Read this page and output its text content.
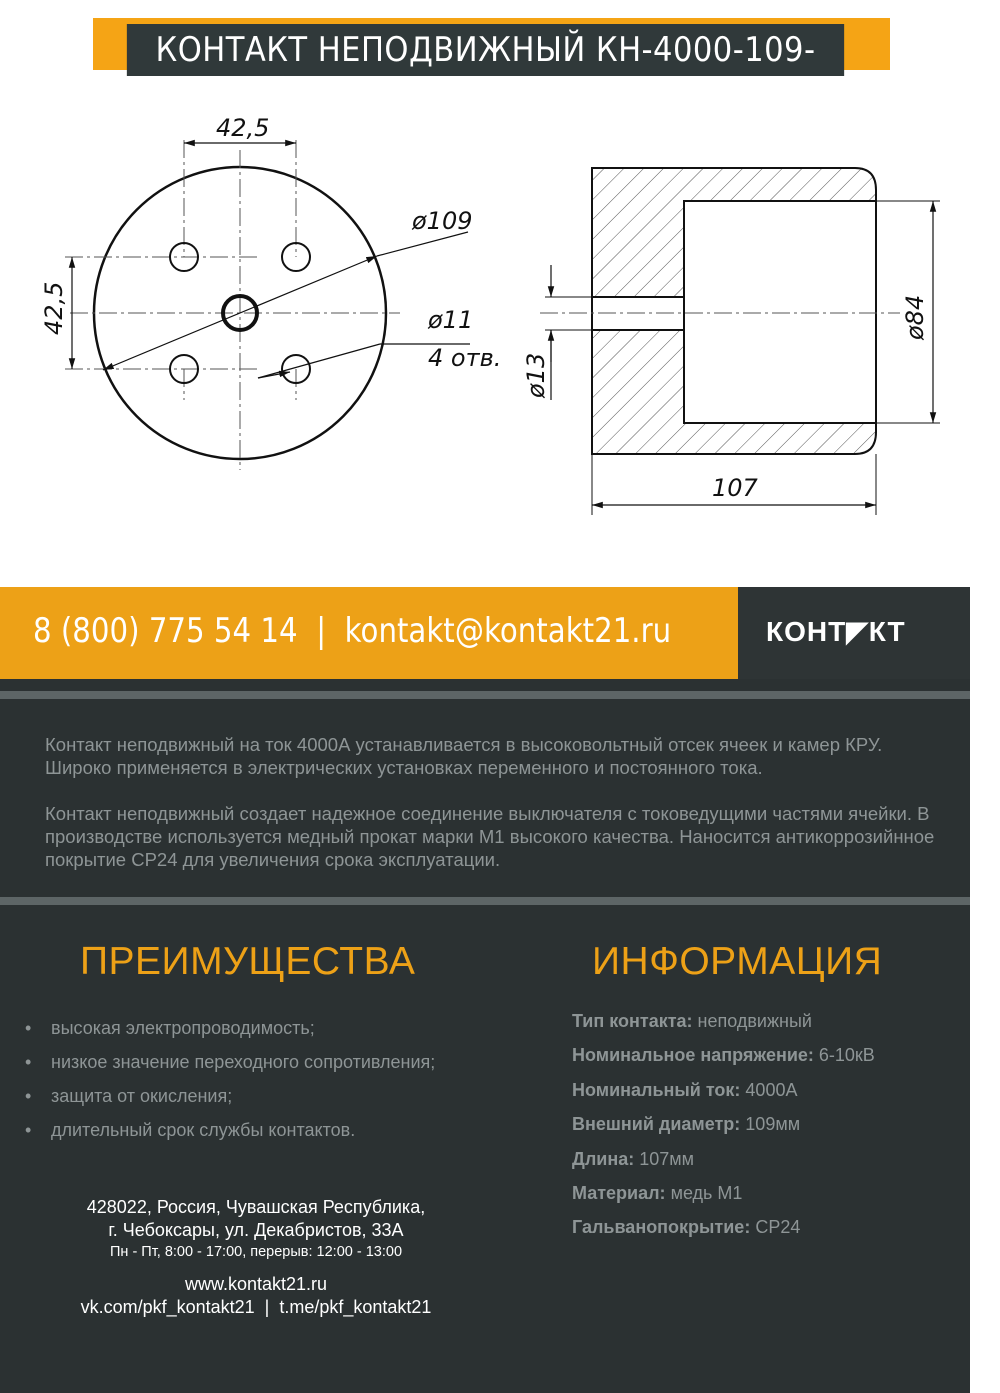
КОНТАКТ НЕПОДВИЖНЫЙ КН-4000-109-107
42,5
42,5
ø109
ø11
4 отв. ø13
ø84
107
8 (800) 775 54 14  |  kontakt@kontakt21.ru	КОНТ◤КТ
Контакт неподвижный на ток 4000А устанавливается в высоковольтный отсек ячеек и камер КРУ. Широко применяется в электрических установках переменного и постоянного тока.
Контакт неподвижный создает надежное соединение выключателя с токоведущими частями ячейки. В производстве используется медный прокат марки М1 высокого качества. Наносится антикоррозийнное покрытие СР24 для увеличения срока эксплуатации.
ПРЕИМУЩЕСТВА	ИНФОРМАЦИЯ
• высокая электропроводимость;
• низкое значение переходного сопротивления;
• защита от окисления;
• длительный срок службы контактов.
Тип контакта: неподвижный
Номинальное напряжение: 6-10кВ
Номинальный ток: 4000А
Внешний диаметр: 109мм
Длина: 107мм
Материал: медь М1
Гальванопокрытие: СР24
428022, Россия, Чувашская Республика,
г. Чебоксары, ул. Декабристов, 33А
Пн - Пт, 8:00 - 17:00, перерыв: 12:00 - 13:00
www.kontakt21.ru
vk.com/pkf_kontakt21  |  t.me/pkf_kontakt21
